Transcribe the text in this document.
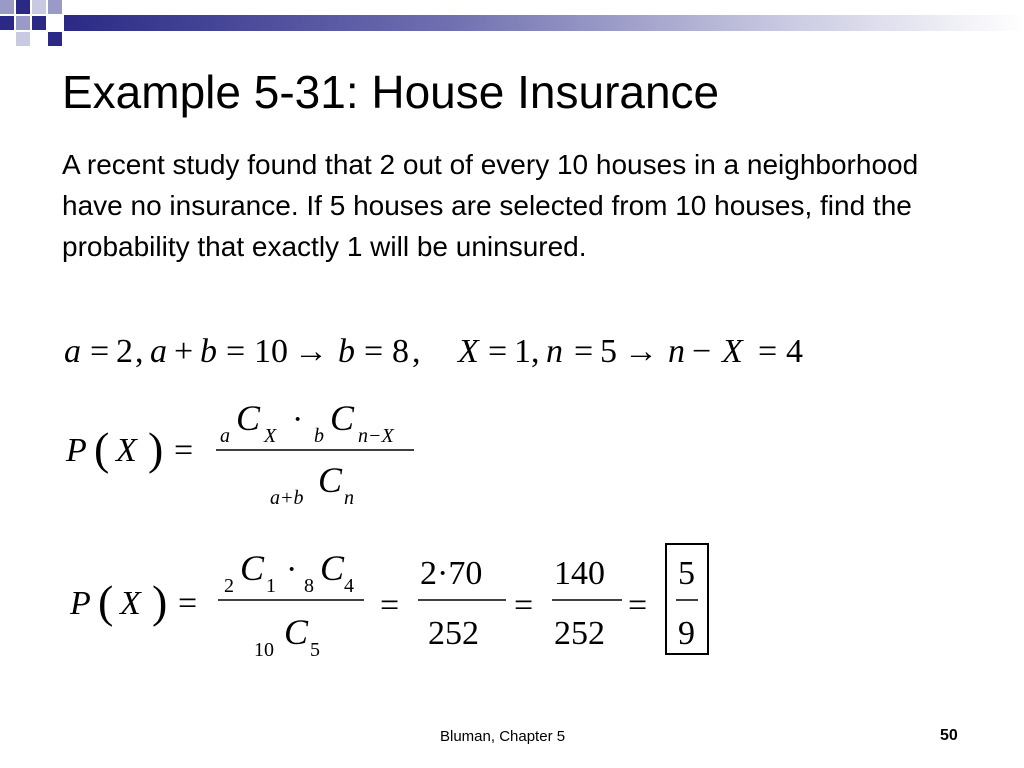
Example 5-31: House Insurance

A recent study found that 2 out of every 10 houses in a neighborhood have no insurance. If 5 houses are selected from 10 houses, find the probability that exactly 1 will be uninsured.

a = 2 , a + b = 10 → b = 8 , X = 1 , n = 5 → n − X = 4
P ( X ) = a C X · b C n−X
a+b C n
P ( X ) = 2 C 1 · 8 C 4
10 C 5
=
2·70
252
=
140
252
=
5
9
Bluman, Chapter 5	50
